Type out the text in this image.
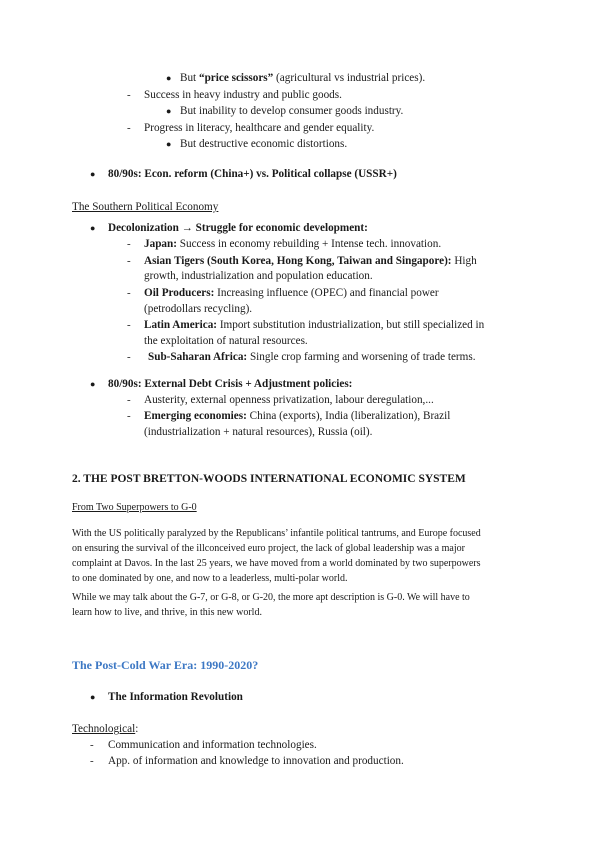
● But “price scissors” (agricultural vs industrial prices).
- Success in heavy industry and public goods.
● But inability to develop consumer goods industry.
- Progress in literacy, healthcare and gender equality.
● But destructive economic distortions.
● 80/90s: Econ. reform (China+) vs. Political collapse (USSR+)
The Southern Political Economy
● Decolonization → Struggle for economic development:
- Japan: Success in economy rebuilding + Intense tech. innovation.
- Asian Tigers (South Korea, Hong Kong, Taiwan and Singapore): High
growth, industrialization and population education.
- Oil Producers: Increasing influence (OPEC) and financial power
(petrodollars recycling).
- Latin America: Import substitution industrialization, but still specialized in
the exploitation of natural resources.
- Sub-Saharan Africa: Single crop farming and worsening of trade terms.
● 80/90s: External Debt Crisis + Adjustment policies:
- Austerity, external openness privatization, labour deregulation,...
- Emerging economies: China (exports), India (liberalization), Brazil
(industrialization + natural resources), Russia (oil).
2. THE POST BRETTON-WOODS INTERNATIONAL ECONOMIC SYSTEM
From Two Superpowers to G-0
With the US politically paralyzed by the Republicans’ infantile political tantrums, and Europe focused
on ensuring the survival of the illconceived euro project, the lack of global leadership was a major
complaint at Davos. In the last 25 years, we have moved from a world dominated by two superpowers
to one dominated by one, and now to a leaderless, multi-polar world.
While we may talk about the G-7, or G-8, or G-20, the more apt description is G-0. We will have to
learn how to live, and thrive, in this new world.
The Post-Cold War Era: 1990-2020?
● The Information Revolution
Technological:
- Communication and information technologies.
- App. of information and knowledge to innovation and production.
